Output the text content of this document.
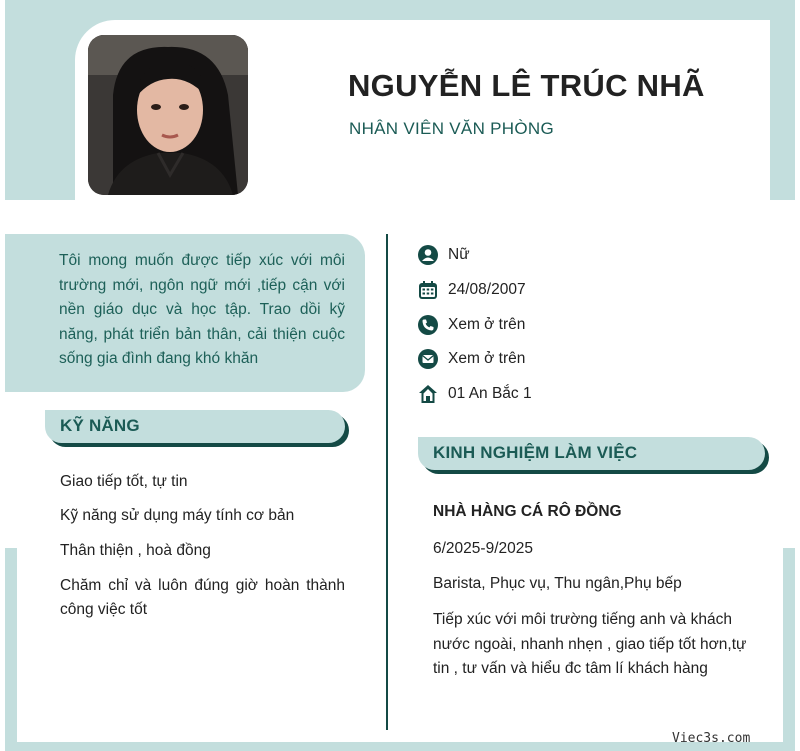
NGUYỄN LÊ TRÚC NHÃ
NHÂN VIÊN VĂN PHÒNG
Tôi mong muốn được tiếp xúc với môi trường mới, ngôn ngữ mới ,tiếp cận với nền giáo dục và học tập. Trao dồi kỹ năng, phát triển bản thân, cải thiện cuộc sống gia đình đang khó khăn
Nữ
24/08/2007
Xem ở trên
Xem ở trên
01 An Bắc 1
KỸ NĂNG
Giao tiếp tốt, tự tin
Kỹ năng sử dụng máy tính cơ bản
Thân thiện , hoà đồng
Chăm chỉ và luôn đúng giờ hoàn thành công việc tốt
KINH NGHIỆM LÀM VIỆC
NHÀ HÀNG CÁ RÔ ĐỒNG
6/2025-9/2025
Barista, Phục vụ, Thu ngân,Phụ bếp
Tiếp xúc với môi trường tiếng anh và khách nước ngoài, nhanh nhẹn , giao tiếp tốt hơn,tự tin , tư vấn và hiểu đc tâm lí khách hàng
Viec3s.com
